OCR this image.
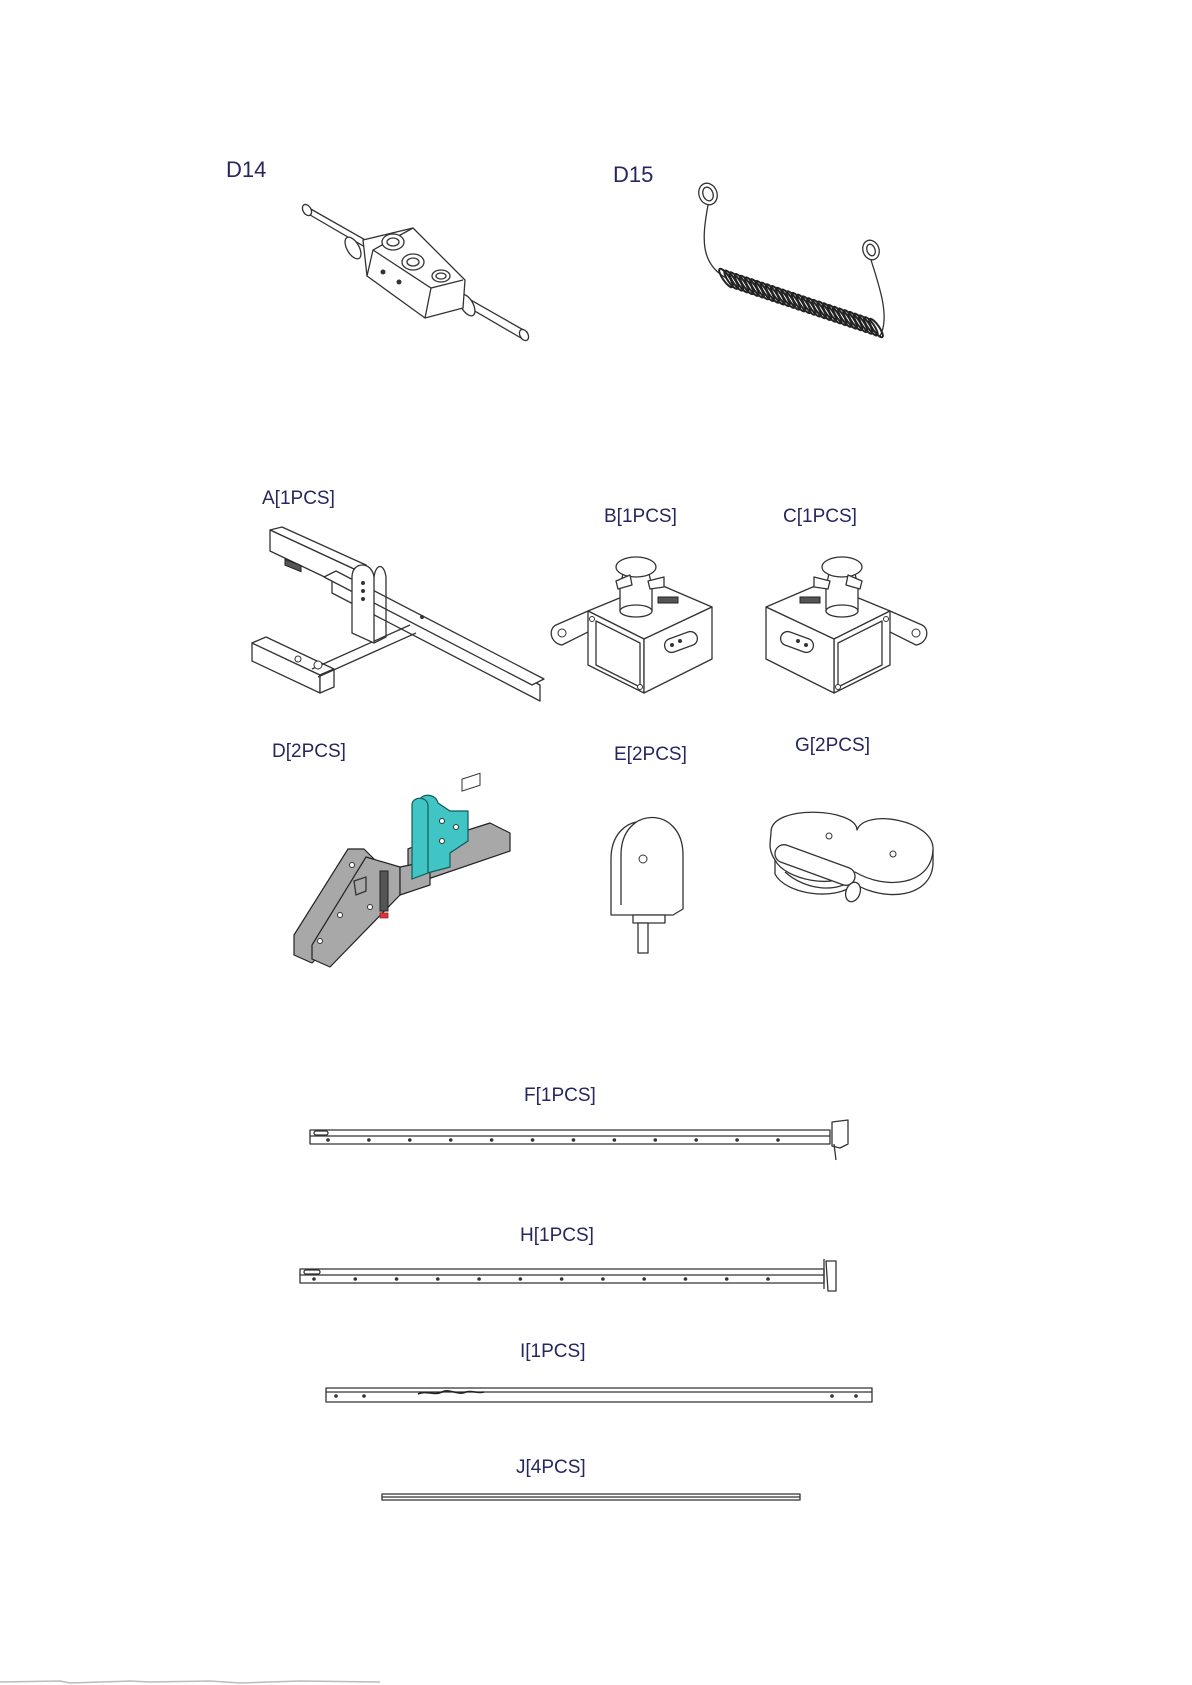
D14	D15
A[1PCS]
B[1PCS]	C[1PCS]
D[2PCS]	E[2PCS]	G[2PCS]
F[1PCS]
H[1PCS]
I[1PCS]
J[4PCS]
